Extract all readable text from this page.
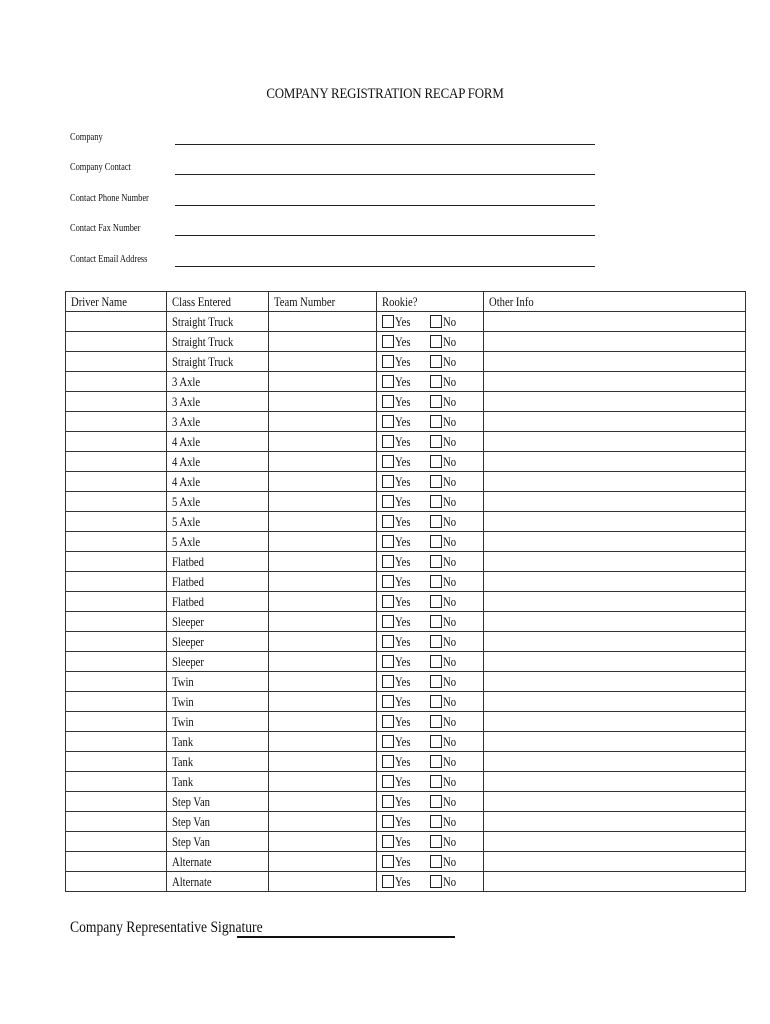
COMPANY REGISTRATION RECAP FORM
Company
Company Contact
Contact Phone Number
Contact Fax Number
Contact Email Address
Driver Name	Class Entered	Team Number	Rookie?	Other Info
	Straight Truck		Yes No	
	Straight Truck		Yes No	
	Straight Truck		Yes No	
	3 Axle		Yes No	
	3 Axle		Yes No	
	3 Axle		Yes No	
	4 Axle		Yes No	
	4 Axle		Yes No	
	4 Axle		Yes No	
	5 Axle		Yes No	
	5 Axle		Yes No	
	5 Axle		Yes No	
	Flatbed		Yes No	
	Flatbed		Yes No	
	Flatbed		Yes No	
	Sleeper		Yes No	
	Sleeper		Yes No	
	Sleeper		Yes No	
	Twin		Yes No	
	Twin		Yes No	
	Twin		Yes No	
	Tank		Yes No	
	Tank		Yes No	
	Tank		Yes No	
	Step Van		Yes No	
	Step Van		Yes No	
	Step Van		Yes No	
	Alternate		Yes No	
	Alternate		Yes No	
Company Representative Signature
